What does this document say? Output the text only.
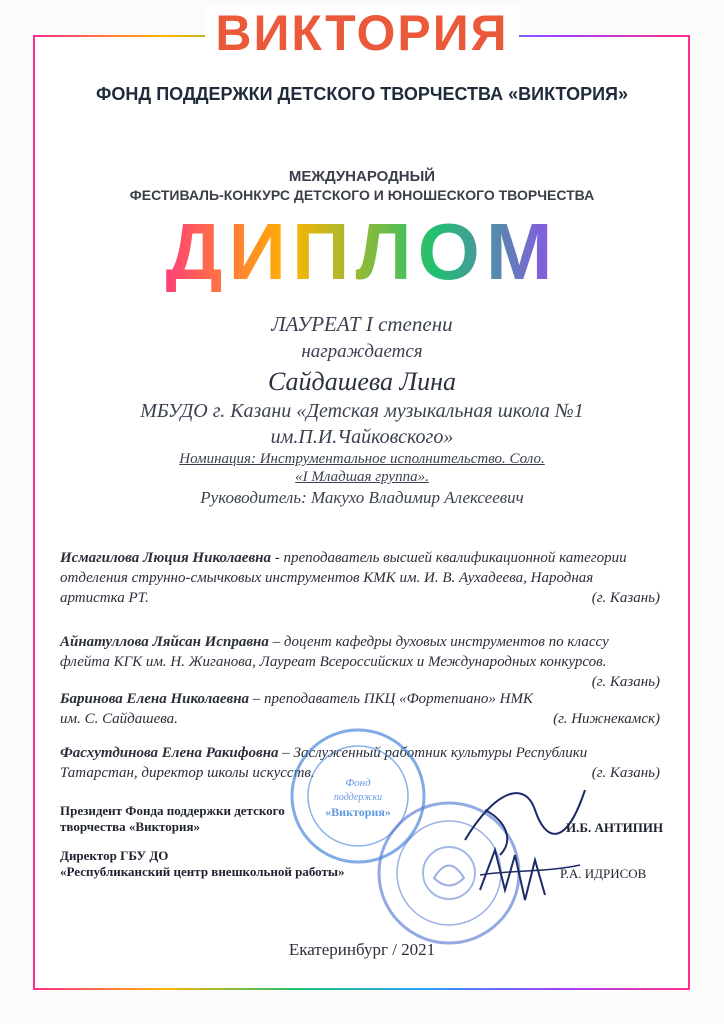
ВИКТОРИЯ
ФОНД ПОДДЕРЖКИ ДЕТСКОГО ТВОРЧЕСТВА «ВИКТОРИЯ»
МЕЖДУНАРОДНЫЙ
ФЕСТИВАЛЬ-КОНКУРС ДЕТСКОГО И ЮНОШЕСКОГО ТВОРЧЕСТВА
ДИПЛОМ
ЛАУРЕАТ I степени
награждается
Сайдашева Лина
МБУДО г. Казани «Детская музыкальная школа №1
им.П.И.Чайковского»
Номинация: Инструментальное исполнительство. Соло.
«I Младшая группа».
Руководитель: Макухо Владимир Алексеевич
Исмагилова Люция Николаевна - преподаватель высшей квалификационной категории
отделения струнно-смычковых инструментов КМК им. И. В. Аухадеева, Народная
артистка РТ.	(г. Казань)
Айнатуллова Ляйсан Исправна – доцент кафедры духовых инструментов по классу
флейта КГК им. Н. Жиганова, Лауреат Всероссийских и Международных конкурсов.
(г. Казань)
Баринова Елена Николаевна – преподаватель ПКЦ «Фортепиано» НМК
им. С. Сайдашева.	(г. Нижнекамск)
Фасхутдинова Елена Ракифовна – Заслуженный работник культуры Республики
Татарстан, директор школы искусств.	(г. Казань)
Фонд
поддержки
«Виктория»
Президент Фонда поддержки детского
творчества «Виктория»	И.Б. АНТИПИН
Директор ГБУ ДО
«Республиканский центр внешкольной работы»	Р.А. ИДРИСОВ
Екатеринбург / 2021
